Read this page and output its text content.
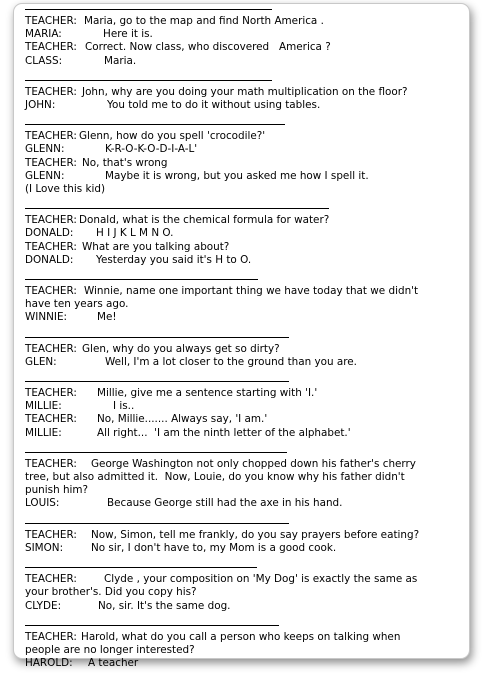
TEACHER: Maria, go to the map and find North America .
MARIA:	Here it is.
TEACHER: Correct. Now class, who discovered   America ?
CLASS:	Maria.
TEACHER: John, why are you doing your math multiplication on the floor?
JOHN:	You told me to do it without using tables.
TEACHER: Glenn, how do you spell 'crocodile?'
GLENN:	K-R-O-K-O-D-I-A-L'
TEACHER: No, that's wrong
GLENN:	Maybe it is wrong, but you asked me how I spell it.
(I Love this kid)
TEACHER: Donald, what is the chemical formula for water?
DONALD: H I J K L M N O.
TEACHER: What are you talking about?
DONALD: Yesterday you said it's H to O.
TEACHER: Winnie, name one important thing we have today that we didn't
have ten years ago.
WINNIE:	Me!
TEACHER: Glen, why do you always get so dirty?
GLEN:	Well, I'm a lot closer to the ground than you are.
TEACHER: Millie, give me a sentence starting with 'I.'
MILLIE:	I is..
TEACHER: No, Millie....... Always say, 'I am.'
MILLIE:	All right...  'I am the ninth letter of the alphabet.'
TEACHER: George Washington not only chopped down his father's cherry
tree, but also admitted it.  Now, Louie, do you know why his father didn't
punish him?
LOUIS:	Because George still had the axe in his hand.
TEACHER: Now, Simon, tell me frankly, do you say prayers before eating?
SIMON:	No sir, I don't have to, my Mom is a good cook.
TEACHER:	Clyde , your composition on 'My Dog' is exactly the same as
your brother's. Did you copy his?
CLYDE:	No, sir. It's the same dog.
TEACHER: Harold, what do you call a person who keeps on talking when
people are no longer interested?
HAROLD: A teacher
